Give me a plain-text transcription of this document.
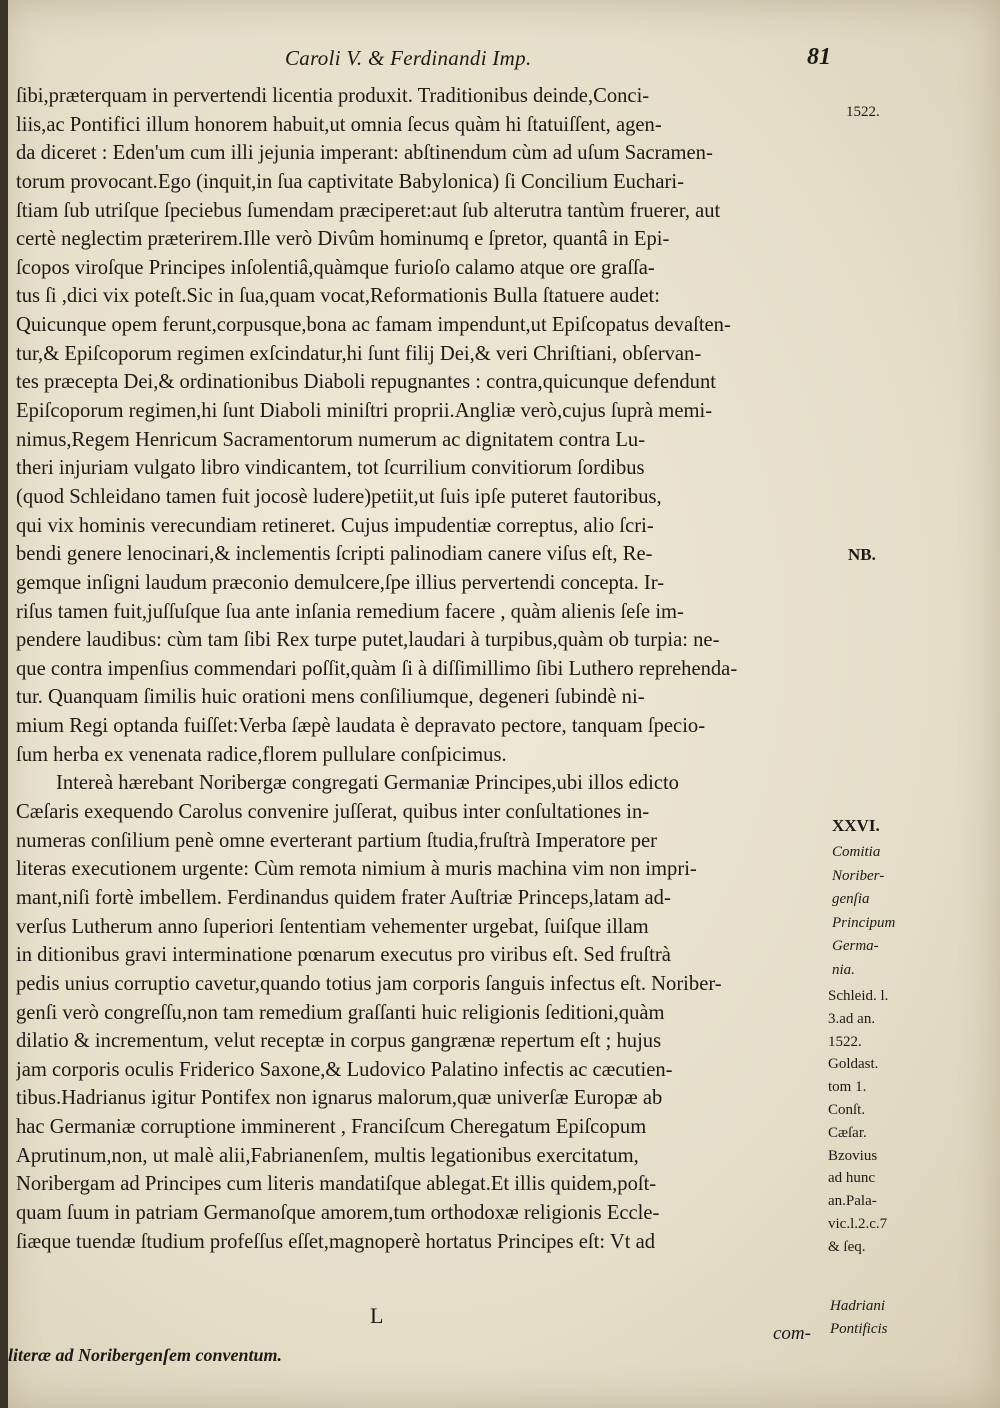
Caroli V. & Ferdinandi Imp.	81
ſibi,præterquam in pervertendi licentia produxit. Traditionibus deinde,Conci-
liis,ac Pontifici illum honorem habuit,ut omnia ſecus quàm hi ſtatuiſſent, agen-
da diceret : Eden'um cum illi jejunia imperant: abſtinendum cùm ad uſum Sacramen-
torum provocant.Ego (inquit,in ſua captivitate Babylonica) ſi Concilium Euchari-
ſtiam ſub utriſque ſpeciebus ſumendam præciperet:aut ſub alterutra tantùm fruerer, aut
certè neglectim præterirem.Ille verò Divûm hominumq e ſpretor, quantâ in Epi-
ſcopos viroſque Principes inſolentiâ,quàmque furioſo calamo atque ore graſſa-
tus ſi ,dici vix poteſt.Sic in ſua,quam vocat,Reformationis Bulla ſtatuere audet:
Quicunque opem ferunt,corpusque,bona ac famam impendunt,ut Epiſcopatus devaſten-
tur,& Epiſcoporum regimen exſcindatur,hi ſunt filij Dei,& veri Chriſtiani, obſervan-
tes præcepta Dei,& ordinationibus Diaboli repugnantes : contra,quicunque defendunt
Epiſcoporum regimen,hi ſunt Diaboli miniſtri proprii.Angliæ verò,cujus ſuprà memi-
nimus,Regem Henricum Sacramentorum numerum ac dignitatem contra Lu-
theri injuriam vulgato libro vindicantem, tot ſcurrilium convitiorum ſordibus
(quod Schleidano tamen fuit jocosè ludere)petiit,ut ſuis ipſe puteret fautoribus,
qui vix hominis verecundiam retineret. Cujus impudentiæ correptus, alio ſcri-
bendi genere lenocinari,& inclementis ſcripti palinodiam canere viſus eſt, Re-
gemque inſigni laudum præconio demulcere,ſpe illius pervertendi concepta. Ir-
riſus tamen fuit,juſſuſque ſua ante inſania remedium facere , quàm alienis ſeſe im-
pendere laudibus: cùm tam ſibi Rex turpe putet,laudari à turpibus,quàm ob turpia: ne-
que contra impenſius commendari poſſit,quàm ſi à diſſimillimo ſibi Luthero reprehenda-
tur. Quanquam ſimilis huic orationi mens conſiliumque, degeneri ſubindè ni-
mium Regi optanda fuiſſet:Verba ſæpè laudata è depravato pectore, tanquam ſpecio-
ſum herba ex venenata radice,florem pullulare conſpicimus.
Intereà hærebant Noribergæ congregati Germaniæ Principes,ubi illos edicto
Cæſaris exequendo Carolus convenire juſſerat, quibus inter conſultationes in-
numeras conſilium penè omne everterant partium ſtudia,fruſtrà Imperatore per
literas executionem urgente: Cùm remota nimium à muris machina vim non impri-
mant,niſi fortè imbellem. Ferdinandus quidem frater Auſtriæ Princeps,latam ad-
verſus Lutherum anno ſuperiori ſententiam vehementer urgebat, ſuiſque illam
in ditionibus gravi interminatione pœnarum executus pro viribus eſt. Sed fruſtrà
pedis unius corruptio cavetur,quando totius jam corporis ſanguis infectus eſt. Noriber-
genſi verò congreſſu,non tam remedium graſſanti huic religionis ſeditioni,quàm
dilatio & incrementum, velut receptæ in corpus gangrænæ repertum eſt ; hujus
jam corporis oculis Friderico Saxone,& Ludovico Palatino infectis ac cæcutien-
tibus.Hadrianus igitur Pontifex non ignarus malorum,quæ univerſæ Europæ ab
hac Germaniæ corruptione imminerent , Franciſcum Cheregatum Epiſcopum
Aprutinum,non, ut malè alii,Fabrianenſem, multis legationibus exercitatum,
Noribergam ad Principes cum literis mandatiſque ablegat.Et illis quidem,poſt-
quam ſuum in patriam Germanoſque amorem,tum orthodoxæ religionis Eccle-
ſiæque tuendæ ſtudium profeſſus eſſet,magnoperè hortatus Principes eſt: Vt ad
1522.
NB.
XXVI.
Comitia
Noriber-
genſia
Principum
Germa-
nia.
Schleid. l.
3.ad an.
1522.
Goldast.
tom 1.
Conſt.
Cæſar.
Bzovius
ad hunc
an.Pala-
vic.l.2.c.7
& ſeq.
Hadriani
Pontificis
L
com-
literæ ad Noribergenſem conventum.
